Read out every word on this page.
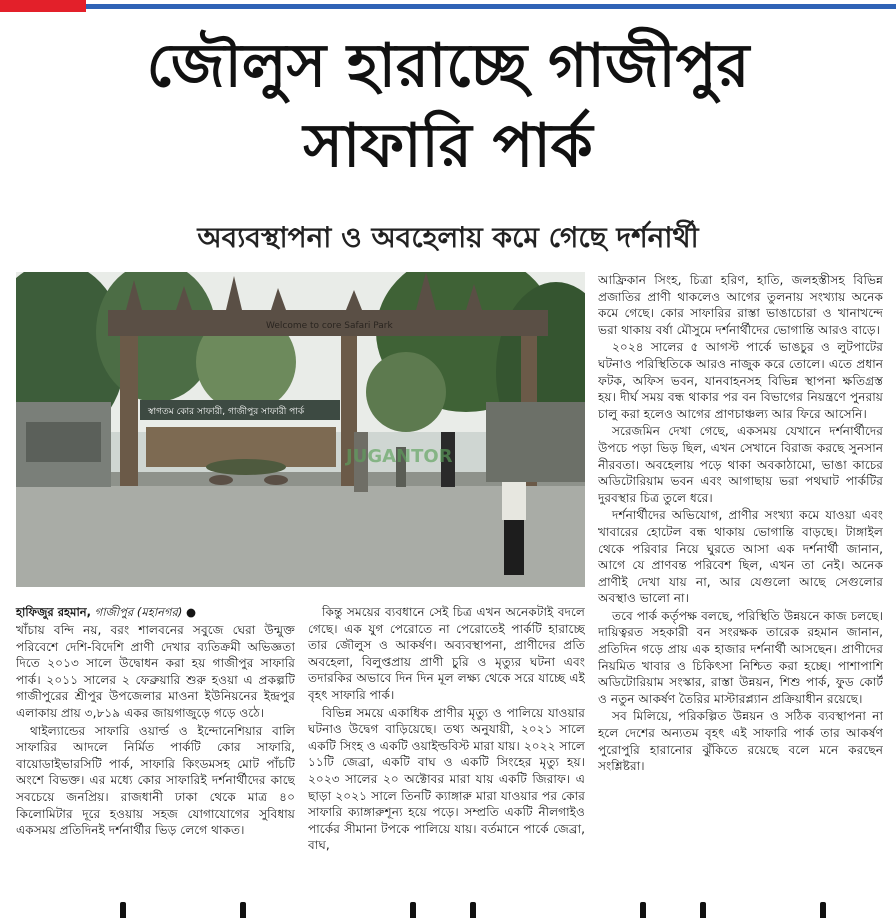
জৌলুস হারাচ্ছে গাজীপুর
সাফারি পার্ক
অব্যবস্থাপনা ও অবহেলায় কমে গেছে দর্শনার্থী
Welcome to core Safari Park
স্বাগতম কোর সাফারী, গাজীপুর সাফারী পার্ক
JUGANTOR
হাফিজুর রহমান, গাজীপুর (মহানগর) ●

খাঁচায় বন্দি নয়, বরং শালবনের সবুজে ঘেরা উন্মুক্ত পরিবেশে দেশি-বিদেশি প্রাণী দেখার ব্যতিক্রমী অভিজ্ঞতা দিতে ২০১৩ সালে উদ্বোধন করা হয় গাজীপুর সাফারি পার্ক। ২০১১ সালের ২ ফেব্রুয়ারি শুরু হওয়া এ প্রকল্পটি গাজীপুরের শ্রীপুর উপজেলার মাওনা ইউনিয়নের ইন্দ্রপুর এলাকায় প্রায় ৩,৮১৯ একর জায়গাজুড়ে গড়ে ওঠে।

থাইল্যান্ডের সাফারি ওয়ার্ল্ড ও ইন্দোনেশিয়ার বালি সাফারির আদলে নির্মিত পার্কটি কোর সাফারি, বায়োডাইভারসিটি পার্ক, সাফারি কিংডমসহ মোট পাঁচটি অংশে বিভক্ত। এর মধ্যে কোর সাফারিই দর্শনার্থীদের কাছে সবচেয়ে জনপ্রিয়। রাজধানী ঢাকা থেকে মাত্র ৪০ কিলোমিটার দূরে হওয়ায় সহজ যোগাযোগের সুবিধায় একসময় প্রতিদিনই দর্শনার্থীর ভিড় লেগে থাকত।

কিন্তু সময়ের ব্যবধানে সেই চিত্র এখন অনেকটাই বদলে গেছে। এক যুগ পেরোতে না পেরোতেই পার্কটি হারাচ্ছে তার জৌলুস ও আকর্ষণ। অব্যবস্থাপনা, প্রাণীদের প্রতি অবহেলা, বিলুপ্তপ্রায় প্রাণী চুরি ও মৃত্যুর ঘটনা এবং তদারকির অভাবে দিন দিন মূল লক্ষ্য থেকে সরে যাচ্ছে এই বৃহৎ সাফারি পার্ক।

বিভিন্ন সময়ে একাধিক প্রাণীর মৃত্যু ও পালিয়ে যাওয়ার ঘটনাও উদ্বেগ বাড়িয়েছে। তথ্য অনুযায়ী, ২০২১ সালে একটি সিংহ ও একটি ওয়াইল্ডবিস্ট মারা যায়। ২০২২ সালে ১১টি জেব্রা, একটি বাঘ ও একটি সিংহের মৃত্যু হয়। ২০২৩ সালের ২০ অক্টোবর মারা যায় একটি জিরাফ। এ ছাড়া ২০২১ সালে তিনটি ক্যাঙ্গারু মারা যাওয়ার পর কোর সাফারি ক্যাঙ্গারুশূন্য হয়ে পড়ে। সম্প্রতি একটি নীলগাইও পার্কের সীমানা টপকে পালিয়ে যায়। বর্তমানে পার্কে জেব্রা, বাঘ,

আফ্রিকান সিংহ, চিত্রা হরিণ, হাতি, জলহস্তীসহ বিভিন্ন প্রজাতির প্রাণী থাকলেও আগের তুলনায় সংখ্যায় অনেক কমে গেছে। কোর সাফারির রাস্তা ভাঙাচোরা ও খানাখন্দে ভরা থাকায় বর্ষা মৌসুমে দর্শনার্থীদের ভোগান্তি আরও বাড়ে।

২০২৪ সালের ৫ আগস্ট পার্কে ভাঙচুর ও লুটপাটের ঘটনাও পরিস্থিতিকে আরও নাজুক করে তোলে। এতে প্রধান ফটক, অফিস ভবন, যানবাহনসহ বিভিন্ন স্থাপনা ক্ষতিগ্রস্ত হয়। দীর্ঘ সময় বন্ধ থাকার পর বন বিভাগের নিয়ন্ত্রণে পুনরায় চালু করা হলেও আগের প্রাণচাঞ্চল্য আর ফিরে আসেনি।

সরেজমিন দেখা গেছে, একসময় যেখানে দর্শনার্থীদের উপচে পড়া ভিড় ছিল, এখন সেখানে বিরাজ করছে সুনসান নীরবতা। অবহেলায় পড়ে থাকা অবকাঠামো, ভাঙা কাচের অডিটোরিয়াম ভবন এবং আগাছায় ভরা পথঘাট পার্কটির দুরবস্থার চিত্র তুলে ধরে।

দর্শনার্থীদের অভিযোগ, প্রাণীর সংখ্যা কমে যাওয়া এবং খাবারের হোটেল বন্ধ থাকায় ভোগান্তি বাড়ছে। টাঙ্গাইল থেকে পরিবার নিয়ে ঘুরতে আসা এক দর্শনার্থী জানান, আগে যে প্রাণবন্ত পরিবেশ ছিল, এখন তা নেই। অনেক প্রাণীই দেখা যায় না, আর যেগুলো আছে সেগুলোর অবস্থাও ভালো না।

তবে পার্ক কর্তৃপক্ষ বলছে, পরিস্থিতি উন্নয়নে কাজ চলছে। দায়িত্বরত সহকারী বন সংরক্ষক তারেক রহমান জানান, প্রতিদিন গড়ে প্রায় এক হাজার দর্শনার্থী আসছেন। প্রাণীদের নিয়মিত খাবার ও চিকিৎসা নিশ্চিত করা হচ্ছে। পাশাপাশি অডিটোরিয়াম সংস্কার, রাস্তা উন্নয়ন, শিশু পার্ক, ফুড কোর্ট ও নতুন আকর্ষণ তৈরির মাস্টারপ্ল্যান প্রক্রিয়াধীন রয়েছে।

সব মিলিয়ে, পরিকল্পিত উন্নয়ন ও সঠিক ব্যবস্থাপনা না হলে দেশের অন্যতম বৃহৎ এই সাফারি পার্ক তার আকর্ষণ পুরোপুরি হারানোর ঝুঁকিতে রয়েছে বলে মনে করছেন সংশ্লিষ্টরা।
